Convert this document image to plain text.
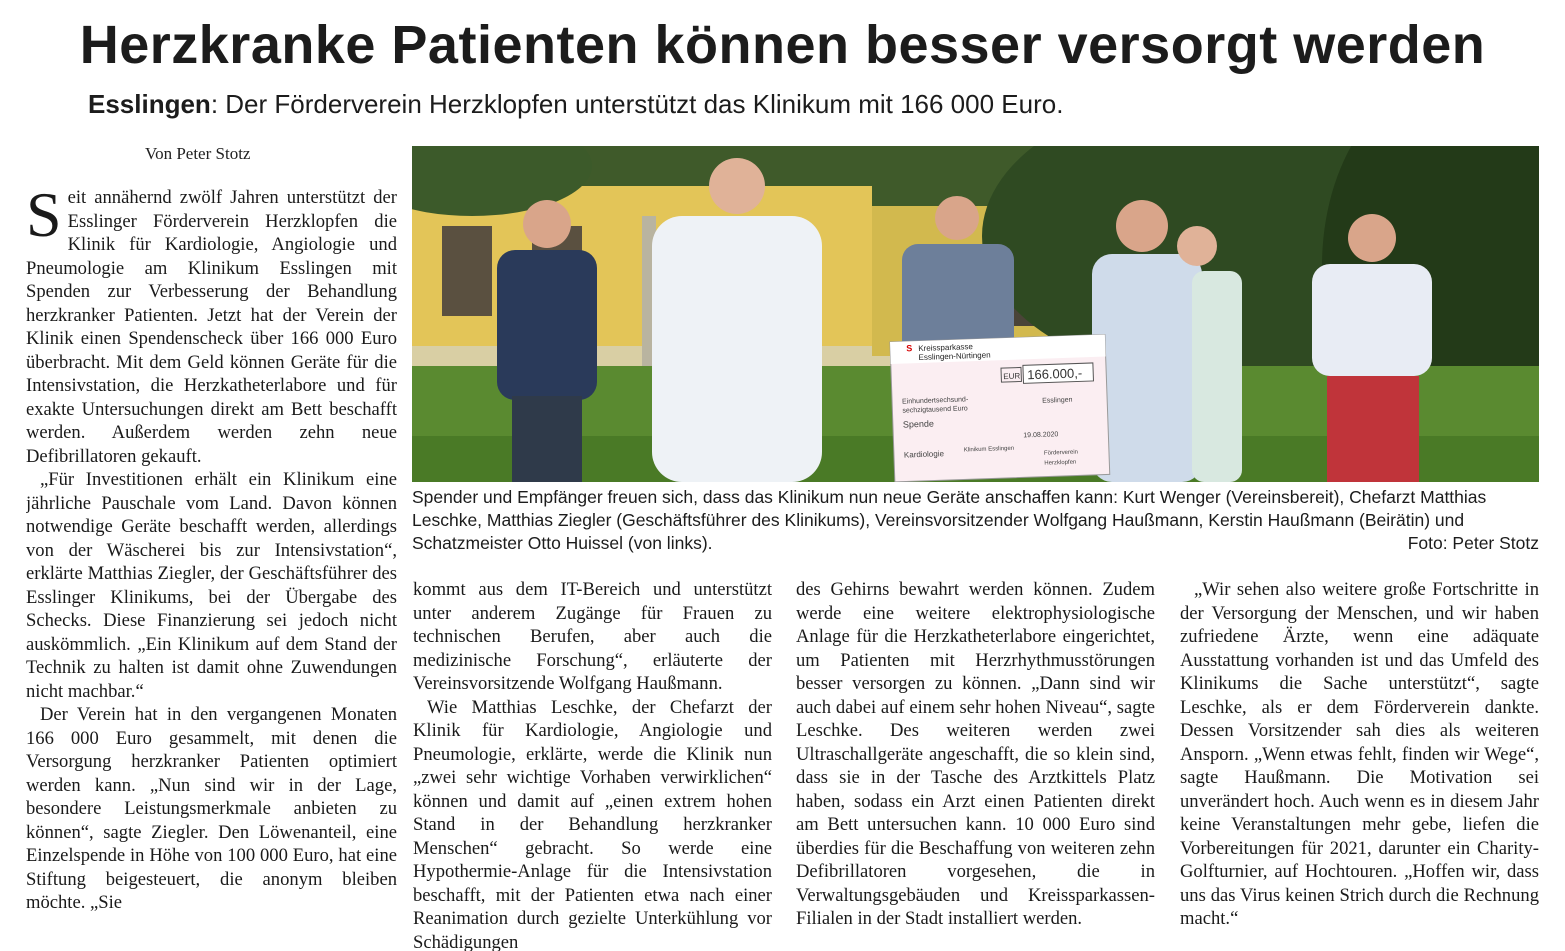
Herzkranke Patienten können besser versorgt werden

Esslingen: Der Förderverein Herzklopfen unterstützt das Klinikum mit 166 000 Euro.

Von Peter Stotz

Seit annähernd zwölf Jahren unterstützt der Esslinger Förderverein Herzklopfen die Klinik für Kardiologie, Angiologie und Pneumologie am Klinikum Esslingen mit Spenden zur Verbesserung der Behandlung herzkranker Patienten. Jetzt hat der Verein der Klinik einen Spendenscheck über 166 000 Euro überbracht. Mit dem Geld können Geräte für die Intensivstation, die Herzkatheterlabore und für exakte Untersuchungen direkt am Bett beschafft werden. Außerdem werden zehn neue Defibrillatoren gekauft.

„Für Investitionen erhält ein Klinikum eine jährliche Pauschale vom Land. Davon können notwendige Geräte beschafft werden, allerdings von der Wäscherei bis zur Intensivstation“, erklärte Matthias Ziegler, der Geschäftsführer des Esslinger Klinikums, bei der Übergabe des Schecks. Diese Finanzierung sei jedoch nicht auskömmlich. „Ein Klinikum auf dem Stand der Technik zu halten ist damit ohne Zuwendungen nicht machbar.“

Der Verein hat in den vergangenen Monaten 166 000 Euro gesammelt, mit denen die Versorgung herzkranker Patienten optimiert werden kann. „Nun sind wir in der Lage, besondere Leistungsmerkmale anbieten zu können“, sagte Ziegler. Den Löwenanteil, eine Einzelspende in Höhe von 100 000 Euro, hat eine Stiftung beigesteuert, die anonym bleiben möchte. „Sie

S Kreissparkasse
Esslingen-Nürtingen
EUR 166.000,-
Einhundertsechsund-
sechzigtausend Euro
Esslingen
Spende
19.08.2020
Kardiologie	Klinikum Esslingen	Förderverein
Herzklopfen
Spender und Empfänger freuen sich, dass das Klinikum nun neue Geräte anschaffen kann: Kurt Wenger (Vereinsbereit), Chefarzt Matthias Leschke, Matthias Ziegler (Geschäftsführer des Klinikums), Vereinsvorsitzender Wolfgang Haußmann, Kerstin Haußmann (Beirätin) und Schatzmeister Otto Huissel (von links).	Foto: Peter Stotz

kommt aus dem IT-Bereich und unterstützt unter anderem Zugänge für Frauen zu technischen Berufen, aber auch die medizinische Forschung“, erläuterte der Vereinsvorsitzende Wolfgang Haußmann.

Wie Matthias Leschke, der Chefarzt der Klinik für Kardiologie, Angiologie und Pneumologie, erklärte, werde die Klinik nun „zwei sehr wichtige Vorhaben verwirklichen“ können und damit auf „einen extrem hohen Stand in der Behandlung herzkranker Menschen“ gebracht. So werde eine Hypothermie-Anlage für die Intensivstation beschafft, mit der Patienten etwa nach einer Reanimation durch gezielte Unterkühlung vor Schädigungen

des Gehirns bewahrt werden können. Zudem werde eine weitere elektrophysiologische Anlage für die Herzkatheterlabore eingerichtet, um Patienten mit Herzrhythmusstörungen besser versorgen zu können. „Dann sind wir auch dabei auf einem sehr hohen Niveau“, sagte Leschke. Des weiteren werden zwei Ultraschallgeräte angeschafft, die so klein sind, dass sie in der Tasche des Arztkittels Platz haben, sodass ein Arzt einen Patienten direkt am Bett untersuchen kann. 10 000 Euro sind überdies für die Beschaffung von weiteren zehn Defibrillatoren vorgesehen, die in Verwaltungsgebäuden und Kreissparkassen-Filialen in der Stadt installiert werden.

„Wir sehen also weitere große Fortschritte in der Versorgung der Menschen, und wir haben zufriedene Ärzte, wenn eine adäquate Ausstattung vorhanden ist und das Umfeld des Klinikums die Sache unterstützt“, sagte Leschke, als er dem Förderverein dankte. Dessen Vorsitzender sah dies als weiteren Ansporn. „Wenn etwas fehlt, finden wir Wege“, sagte Haußmann. Die Motivation sei unverändert hoch. Auch wenn es in diesem Jahr keine Veranstaltungen mehr gebe, liefen die Vorbereitungen für 2021, darunter ein Charity-Golfturnier, auf Hochtouren. „Hoffen wir, dass uns das Virus keinen Strich durch die Rechnung macht.“
